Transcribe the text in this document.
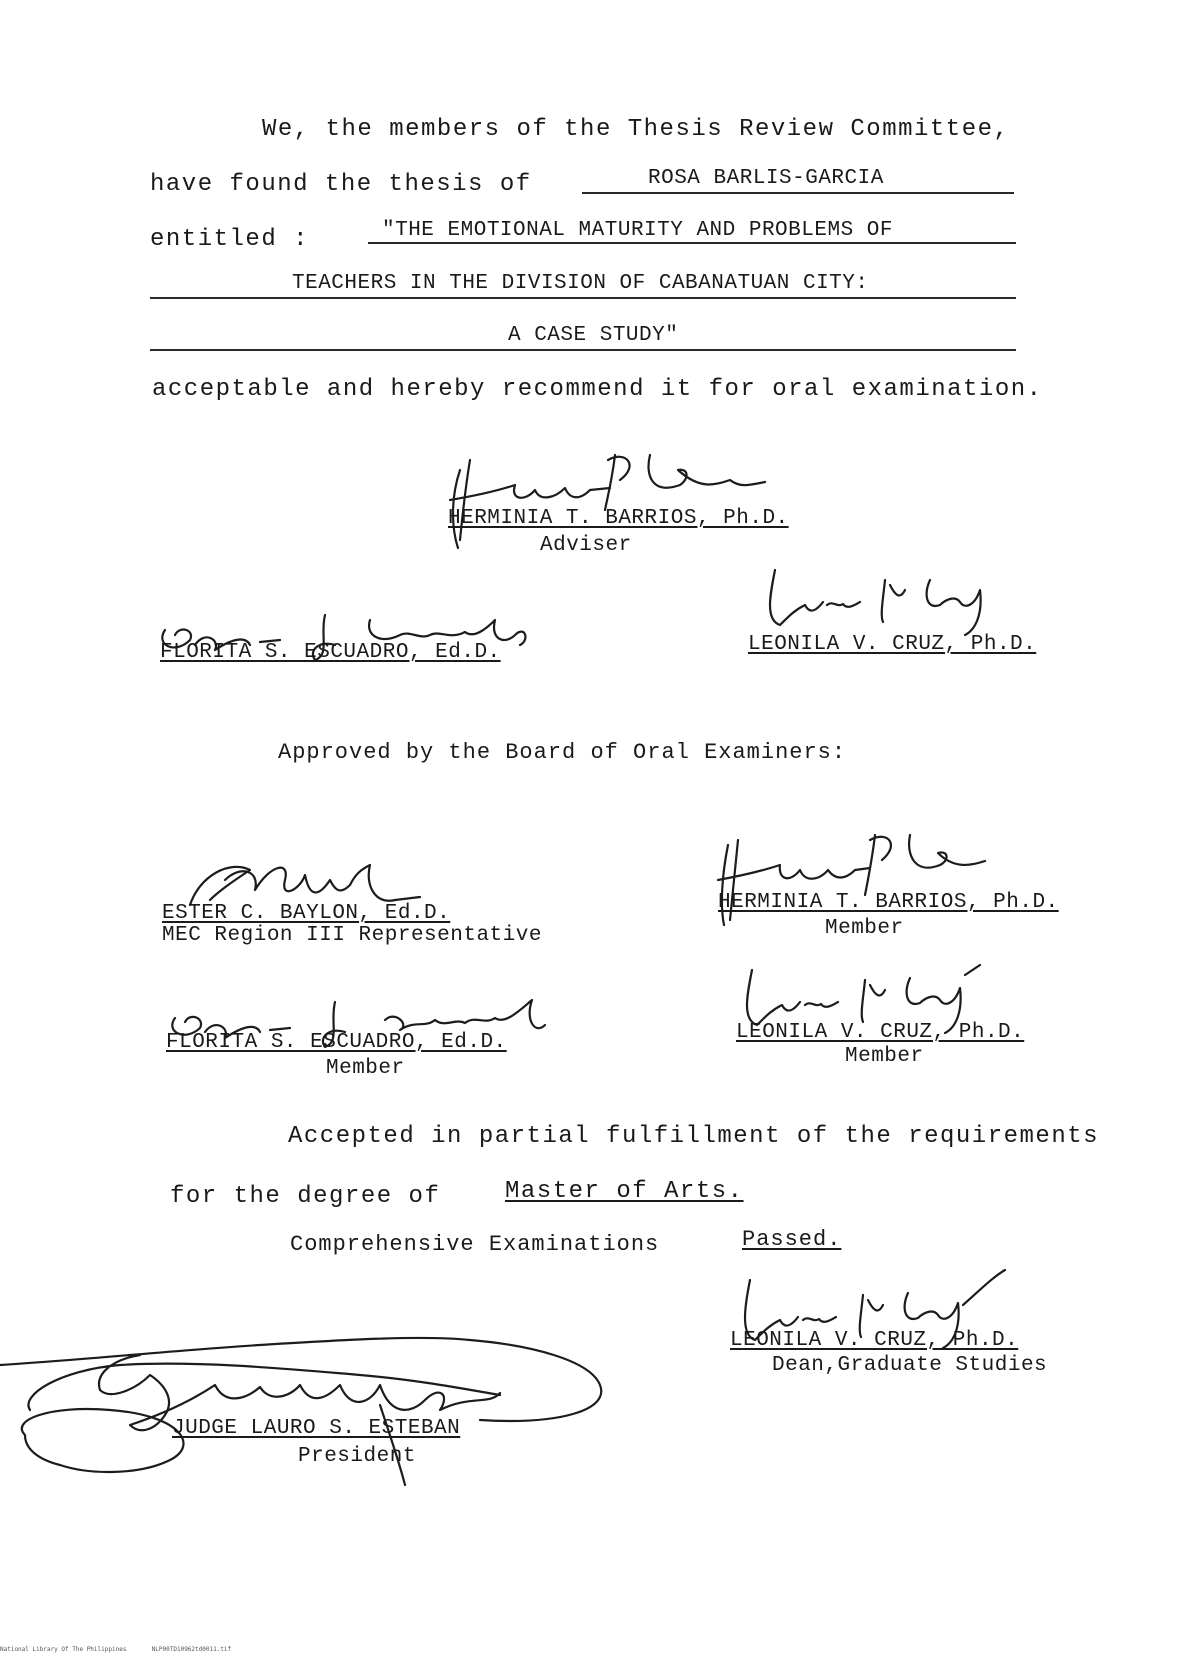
We, the members of the Thesis Review Committee,
have found the thesis of	ROSA BARLIS-GARCIA
entitled :	"THE EMOTIONAL MATURITY AND PROBLEMS OF
TEACHERS IN THE DIVISION OF CABANATUAN CITY:
A CASE STUDY"
acceptable and hereby recommend it for oral examination.
HERMINIA T. BARRIOS, Ph.D.
Adviser
FLORITA S. ESCUADRO, Ed.D.	LEONILA V. CRUZ, Ph.D.
Approved by the Board of Oral Examiners:
ESTER C. BAYLON, Ed.D.
MEC Region III Representative
HERMINIA T. BARRIOS, Ph.D.
Member
FLORITA S. ESCUADRO, Ed.D.
Member
LEONILA V. CRUZ, Ph.D.
Member
Accepted in partial fulfillment of the requirements
for the degree of	Master of Arts.
Comprehensive Examinations	Passed.
LEONILA V. CRUZ, Ph.D.
Dean,Graduate Studies
JUDGE LAURO S. ESTEBAN
President
National Library Of The Philippines	NLP00TD10962td0011.tif
